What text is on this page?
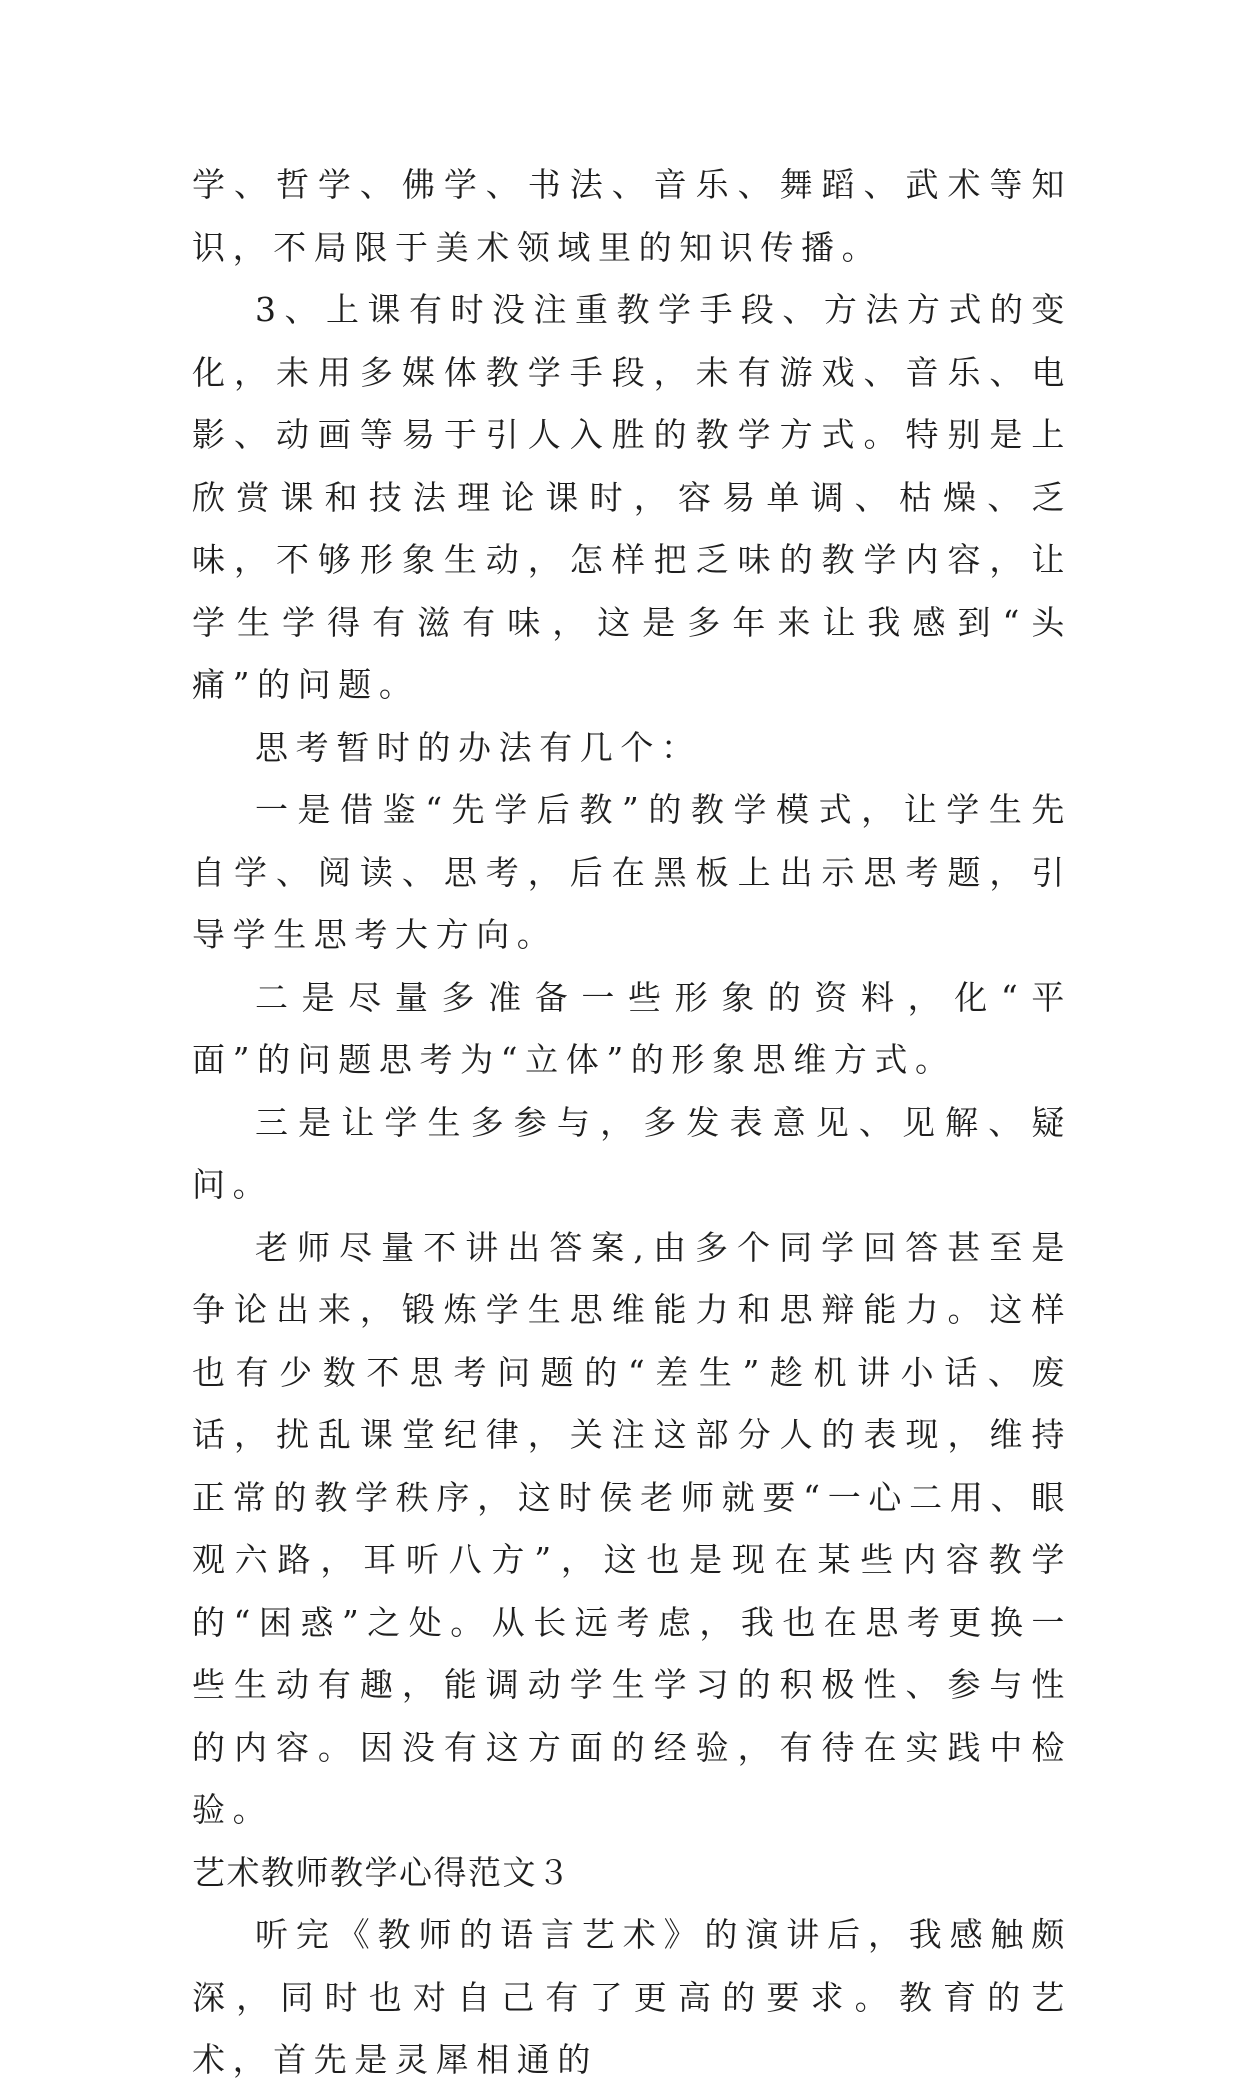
学、哲学、佛学、书法、音乐、舞蹈、武术等知识，不局限于美术领域里的知识传播。

3、上课有时没注重教学手段、方法方式的变化，未用多媒体教学手段，未有游戏、音乐、电影、动画等易于引人入胜的教学方式。特别是上欣赏课和技法理论课时，容易单调、枯燥、乏味，不够形象生动，怎样把乏味的教学内容，让学生学得有滋有味，这是多年来让我感到“头痛”的问题。

思考暂时的办法有几个：

一是借鉴“先学后教”的教学模式，让学生先自学、阅读、思考，后在黑板上出示思考题，引导学生思考大方向。

二是尽量多准备一些形象的资料，化“平面”的问题思考为“立体”的形象思维方式。

三是让学生多参与，多发表意见、见解、疑问。

老师尽量不讲出答案,由多个同学回答甚至是争论出来，锻炼学生思维能力和思辩能力。这样也有少数不思考问题的“差生”趁机讲小话、废话，扰乱课堂纪律，关注这部分人的表现，维持正常的教学秩序，这时侯老师就要“一心二用、眼观六路，耳听八方”，这也是现在某些内容教学的“困惑”之处。从长远考虑，我也在思考更换一些生动有趣，能调动学生学习的积极性、参与性的内容。因没有这方面的经验，有待在实践中检验。

艺术教师教学心得范文３

听完《教师的语言艺术》的演讲后，我感触颇深，同时也对自己有了更高的要求。教育的艺术，首先是灵犀相通的
